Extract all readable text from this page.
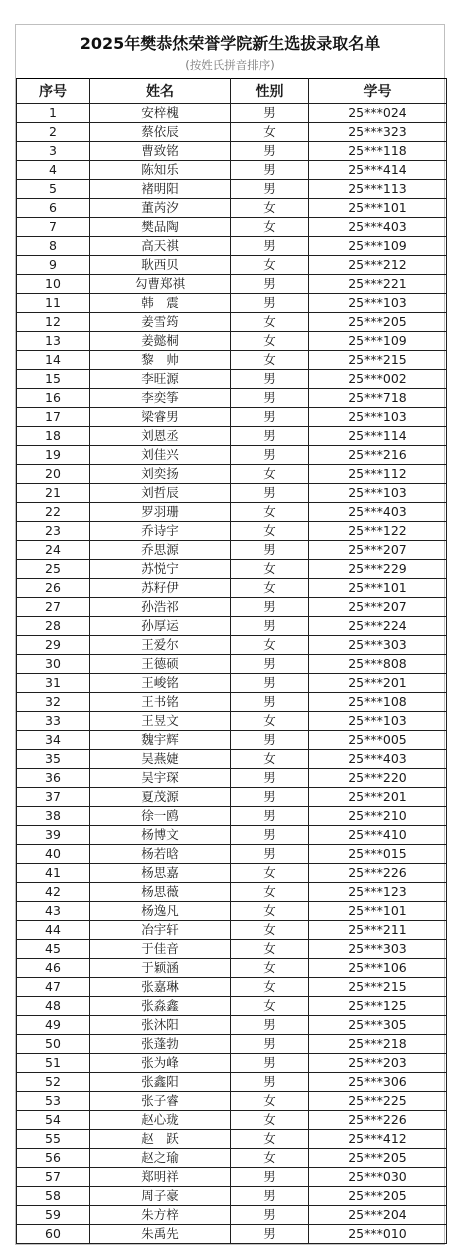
2025年樊恭烋荣誉学院新生选拔录取名单
(按姓氏拼音排序)
序号	姓名	性别	学号
1	安梓槐	男	25***024
2	蔡依辰	女	25***323
3	曹致铭	男	25***118
4	陈知乐	男	25***414
5	褚明阳	男	25***113
6	董芮汐	女	25***101
7	樊品陶	女	25***403
8	高天祺	男	25***109
9	耿西贝	女	25***212
10	勾曹郑祺	男	25***221
11	韩　震	男	25***103
12	姜雪筠	女	25***205
13	姜懿桐	女	25***109
14	黎　帅	女	25***215
15	李旺源	男	25***002
16	李奕筝	男	25***718
17	梁睿男	男	25***103
18	刘恩丞	男	25***114
19	刘佳兴	男	25***216
20	刘奕扬	女	25***112
21	刘哲辰	男	25***103
22	罗羽珊	女	25***403
23	乔诗宇	女	25***122
24	乔思源	男	25***207
25	苏悦宁	女	25***229
26	苏籽伊	女	25***101
27	孙浩祁	男	25***207
28	孙厚运	男	25***224
29	王爱尔	女	25***303
30	王德硕	男	25***808
31	王峻铭	男	25***201
32	王书铭	男	25***108
33	王昱文	女	25***103
34	魏宇辉	男	25***005
35	吴燕婕	女	25***403
36	吴宇琛	男	25***220
37	夏茂源	男	25***201
38	徐一鸥	男	25***210
39	杨博文	男	25***410
40	杨若晗	男	25***015
41	杨思嘉	女	25***226
42	杨思薇	女	25***123
43	杨逸凡	女	25***101
44	冶宇轩	女	25***211
45	于佳音	女	25***303
46	于颖涵	女	25***106
47	张嘉琳	女	25***215
48	张淼鑫	女	25***125
49	张沐阳	男	25***305
50	张蓬勃	男	25***218
51	张为峰	男	25***203
52	张鑫阳	男	25***306
53	张子睿	女	25***225
54	赵心珑	女	25***226
55	赵　跃	女	25***412
56	赵之瑜	女	25***205
57	郑明祥	男	25***030
58	周子豪	男	25***205
59	朱方梓	男	25***204
60	朱禹先	男	25***010
